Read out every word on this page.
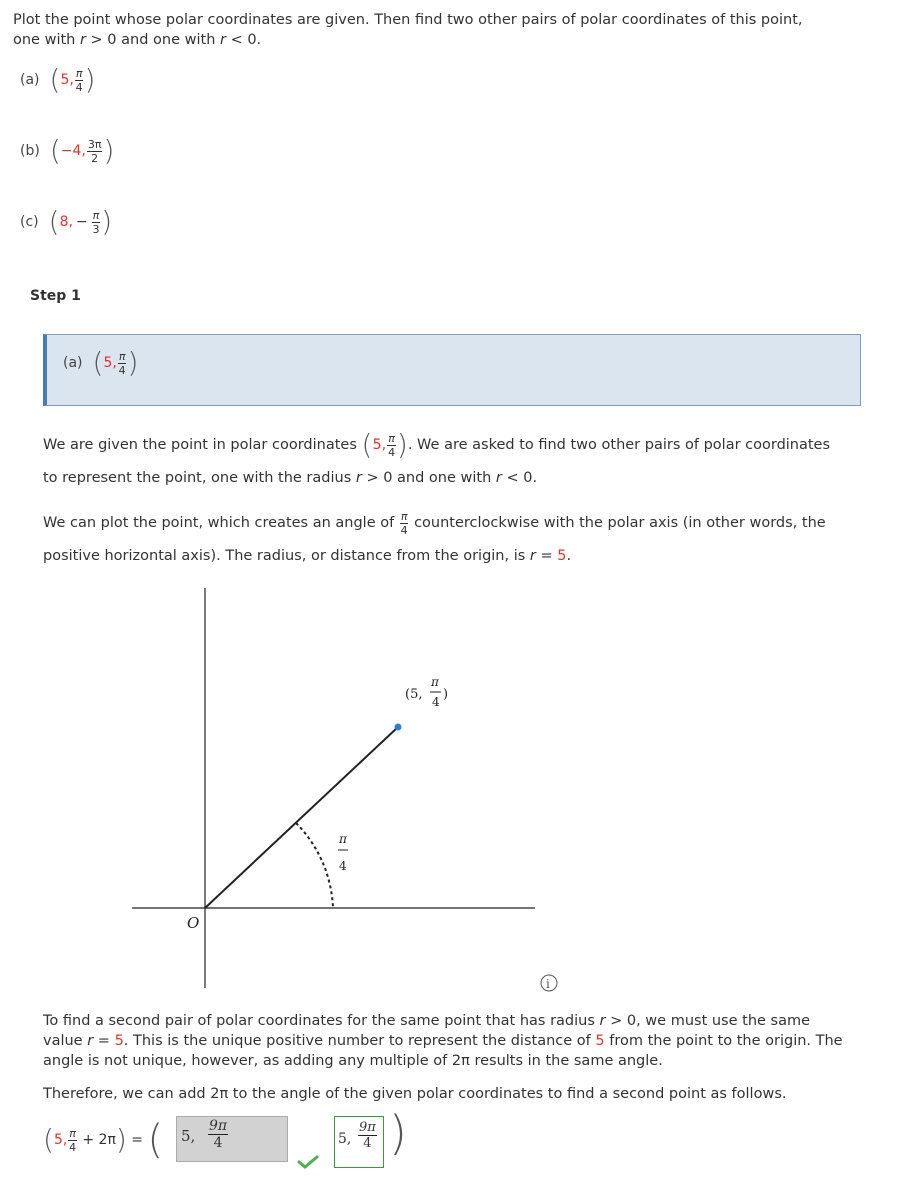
Plot the point whose polar coordinates are given. Then find two other pairs of polar coordinates of this point,
one with r > 0 and one with r < 0.
(a) (5, $\frac{\pi}{4}$ )
(b) (−4, $\frac{3\pi}{2}$ )
(c) (8, − $\frac{\pi}{3}$ )
Step 1
(a) (5, $\frac{\pi}{4}$ )
We are given the point in polar coordinates
( 5, $\frac{\pi}{4}$ ) . We are asked to find two other pairs of polar coordinates
to represent the point, one with the radius r > 0 and one with r < 0.
We can plot the point, which creates an angle of
$\frac{\pi}{4}$
counterclockwise with the polar axis (in other words, the
positive horizontal axis). The radius, or distance from the origin, is r = 5.
O
(5,
π
4 )
π
4
i
To find a second pair of polar coordinates for the same point that has radius r > 0, we must use the same
value r = 5. This is the unique positive number to represent the distance of 5 from the point to the origin. The
angle is not unique, however, as adding any multiple of 2π results in the same angle.
Therefore, we can add 2π to the angle of the given polar coordinates to find a second point as follows.
( 5, $\frac{\pi}{4}$
+ 2π )
=
( 5, $\frac{9\pi}{4}$	5, $\frac{9\pi}{4}$ )
